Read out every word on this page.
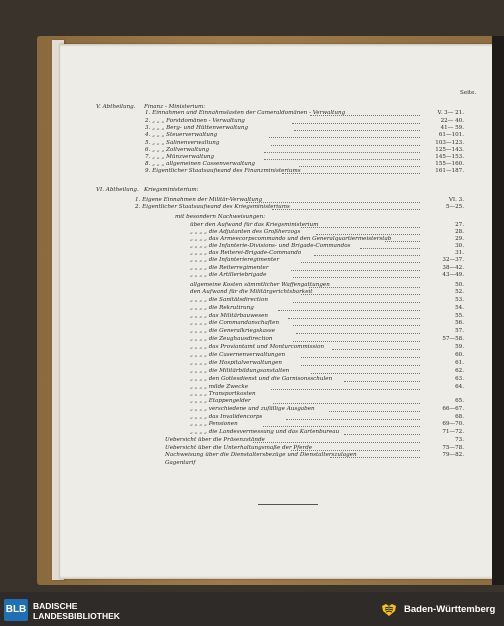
Seite.
V. Abtheilung. Finanz - Ministerium:
VI. Abtheilung. Kriegsministerium:
1. Einnahmen und Einnahmslasten der Cameraldomänen - Verwaltung	V. 3— 21.
2. „ „ „ Forstdomänen - Verwaltung	22— 40.
3. „ „ „ Berg- und Hüttenverwaltung	41— 59.
4. „ „ „ Steuerverwaltung	61—101.
5. „ „ „ Salinenverwaltung	103—123.
6. „ „ „ Zollverwaltung	125—143.
7. „ „ „ Münzverwaltung	145—153.
8. „ „ „ allgemeinen Cassenverwaltung	155—160.
9. Eigentlicher Staatsaufwand des Finanzministeriums	161—187.
1. Eigene Einnahmen der Militär-Verwaltung	VI. 3.
2. Eigentlicher Staatsaufwand des Kriegsministeriums	5—25.
mit besondern Nachweisungen:
über den Aufwand für das Kriegsministerium	27.
„ „ „ „ die Adjutanten des Großherzogs	28.
„ „ „ „ das Armeecorpscommando und den Generalquartiermeisterstab	29.
„ „ „ „ die Infanterie-Divisions- und Brigade-Commandos	30.
„ „ „ „ das Reiterei-Brigade-Commando	31.
„ „ „ „ die Infanterieregimenter	32—37.
„ „ „ „ die Reiterregimenter	38—42.
„ „ „ „ die Artilleriebrigade	43—49.
allgemeine Kosten sämmtlicher Waffengattungen	50.
den Aufwand für die Militärgerichtsbarkeit	52.
„ „ „ „ die Sanitätsdirection	53.
„ „ „ „ die Rekrutirung	54.
„ „ „ „ das Militärbauwesen	55.
„ „ „ „ die Commandanschaften	56.
„ „ „ „ die Generalkriegskasse	57.
„ „ „ „ die Zeughausdirection	57—58.
„ „ „ „ das Proviantamt und Monturcommission	59.
„ „ „ „ die Casernenverwaltungen	60.
„ „ „ „ die Hospitalverwaltungen	61.
„ „ „ „ die Militärbildungsanstalten	62.
„ „ „ „ den Gottesdienst und die Garnisonsschulen	63.
„ „ „ „ milde Zwecke	64.
„ „ „ „ Transportkosten
„ „ „ „ Etappengelder	65.
„ „ „ „ verschiedene und zufällige Ausgaben	66—67.
„ „ „ „ das Invalidencorps	68.
„ „ „ „ Pensionen	69—70.
„ „ „ „ die Landesvermessung und das Kartenbureau	71—72.
Uebersicht über die Präsenzstände	73.
Uebersicht über die Unterhaltungsmaße der Pferde	75—78.
Nachweisung über die Dienstaltersbezüge und Dienstalterszulagen	79—82.
Gagentarif
BLB BADISCHE
LANDESBIBLIOTHEK
Baden-Württemberg
